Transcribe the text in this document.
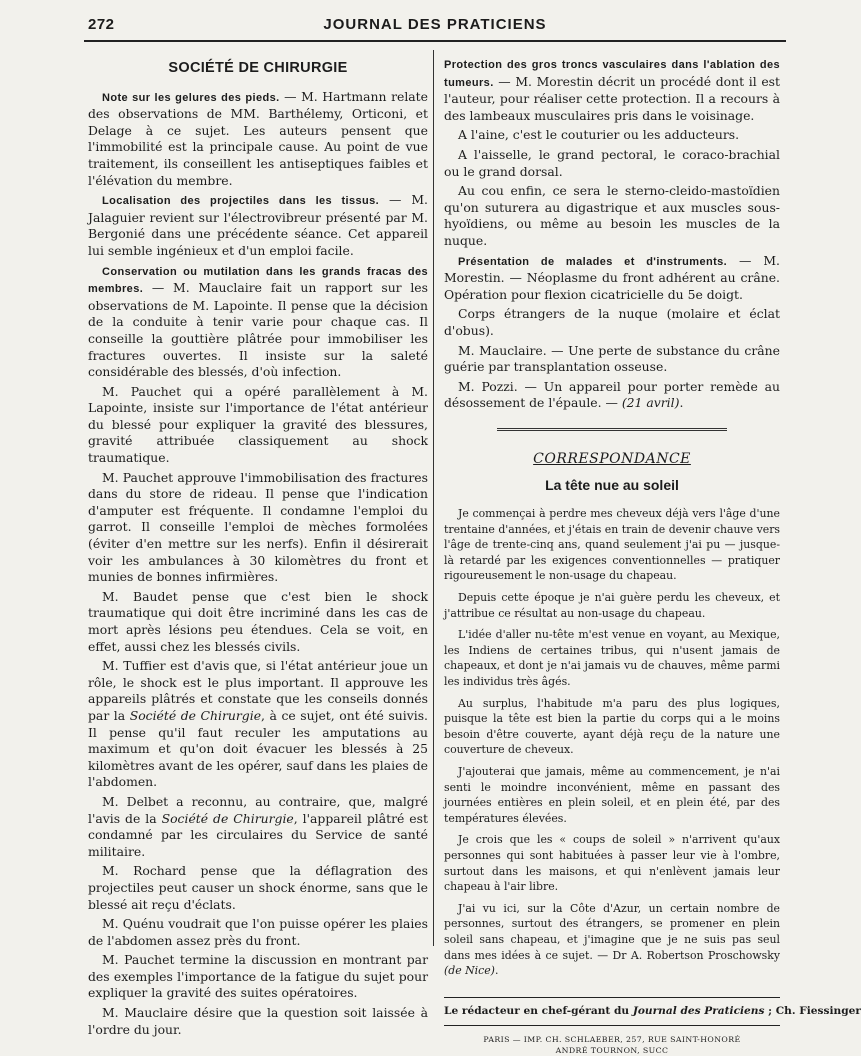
272	JOURNAL DES PRATICIENS
SOCIÉTÉ DE CHIRURGIE

Note sur les gelures des pieds. — M. Hartmann relate des observations de MM. Barthélemy, Orticoni, et Delage à ce sujet. Les auteurs pensent que l'immobilité est la principale cause. Au point de vue traitement, ils conseillent les antiseptiques faibles et l'élévation du membre.

Localisation des projectiles dans les tissus. — M. Jalaguier revient sur l'électrovibreur présenté par M. Bergonié dans une précédente séance. Cet appareil lui semble ingénieux et d'un emploi facile.

Conservation ou mutilation dans les grands fracas des membres. — M. Mauclaire fait un rapport sur les observations de M. Lapointe. Il pense que la décision de la conduite à tenir varie pour chaque cas. Il conseille la gouttière plâtrée pour immobiliser les fractures ouvertes. Il insiste sur la saleté considérable des blessés, d'où infection.

M. Pauchet qui a opéré parallèlement à M. Lapointe, insiste sur l'importance de l'état antérieur du blessé pour expliquer la gravité des blessures, gravité attribuée classiquement au shock traumatique.

M. Pauchet approuve l'immobilisation des fractures dans du store de rideau. Il pense que l'indication d'amputer est fréquente. Il condamne l'emploi du garrot. Il conseille l'emploi de mèches formolées (éviter d'en mettre sur les nerfs). Enfin il désirerait voir les ambulances à 30 kilomètres du front et munies de bonnes infirmières.

M. Baudet pense que c'est bien le shock traumatique qui doit être incriminé dans les cas de mort après lésions peu étendues. Cela se voit, en effet, aussi chez les blessés civils.

M. Tuffier est d'avis que, si l'état antérieur joue un rôle, le shock est le plus important. Il approuve les appareils plâtrés et constate que les conseils donnés par la Société de Chirurgie, à ce sujet, ont été suivis. Il pense qu'il faut reculer les amputations au maximum et qu'on doit évacuer les blessés à 25 kilomètres avant de les opérer, sauf dans les plaies de l'abdomen.

M. Delbet a reconnu, au contraire, que, malgré l'avis de la Société de Chirurgie, l'appareil plâtré est condamné par les circulaires du Service de santé militaire.

M. Rochard pense que la déflagration des projectiles peut causer un shock énorme, sans que le blessé ait reçu d'éclats.

M. Quénu voudrait que l'on puisse opérer les plaies de l'abdomen assez près du front.

M. Pauchet termine la discussion en montrant par des exemples l'importance de la fatigue du sujet pour expliquer la gravité des suites opératoires.

M. Mauclaire désire que la question soit laissée à l'ordre du jour.

Protection des gros troncs vasculaires dans l'ablation des tumeurs. — M. Morestin décrit un procédé dont il est l'auteur, pour réaliser cette protection. Il a recours à des lambeaux musculaires pris dans le voisinage.

A l'aine, c'est le couturier ou les adducteurs.

A l'aisselle, le grand pectoral, le coraco-brachial ou le grand dorsal.

Au cou enfin, ce sera le sterno-cleido-mastoïdien qu'on suturera au digastrique et aux muscles sous-hyoïdiens, ou même au besoin les muscles de la nuque.

Présentation de malades et d'instruments. — M. Morestin. — Néoplasme du front adhérent au crâne. Opération pour flexion cicatricielle du 5e doigt.

Corps étrangers de la nuque (molaire et éclat d'obus).

M. Mauclaire. — Une perte de substance du crâne guérie par transplantation osseuse.

M. Pozzi. — Un appareil pour porter remède au désossement de l'épaule. — (21 avril).

CORRESPONDANCE
La tête nue au soleil

Je commençai à perdre mes cheveux déjà vers l'âge d'une trentaine d'années, et j'étais en train de devenir chauve vers l'âge de trente-cinq ans, quand seulement j'ai pu — jusque-là retardé par les exigences conventionnelles — pratiquer rigoureusement le non-usage du chapeau.

Depuis cette époque je n'ai guère perdu les cheveux, et j'attribue ce résultat au non-usage du chapeau.

L'idée d'aller nu-tête m'est venue en voyant, au Mexique, les Indiens de certaines tribus, qui n'usent jamais de chapeaux, et dont je n'ai jamais vu de chauves, même parmi les individus très âgés.

Au surplus, l'habitude m'a paru des plus logiques, puisque la tête est bien la partie du corps qui a le moins besoin d'être couverte, ayant déjà reçu de la nature une couverture de cheveux.

J'ajouterai que jamais, même au commencement, je n'ai senti le moindre inconvénient, même en passant des journées entières en plein soleil, et en plein été, par des températures élevées.

Je crois que les « coups de soleil » n'arrivent qu'aux personnes qui sont habituées à passer leur vie à l'ombre, surtout dans les maisons, et qui n'enlèvent jamais leur chapeau à l'air libre.

J'ai vu ici, sur la Côte d'Azur, un certain nombre de personnes, surtout des étrangers, se promener en plein soleil sans chapeau, et j'imagine que je ne suis pas seul dans mes idées à ce sujet. — Dr A. Robertson Proschowsky (de Nice).

Le rédacteur en chef-gérant du Journal des Praticiens ; Ch. Fiessinger
PARIS — IMP. CH. SCHLAEBER, 257, RUE SAINT-HONORÉ
ANDRÉ TOURNON, SUCC
